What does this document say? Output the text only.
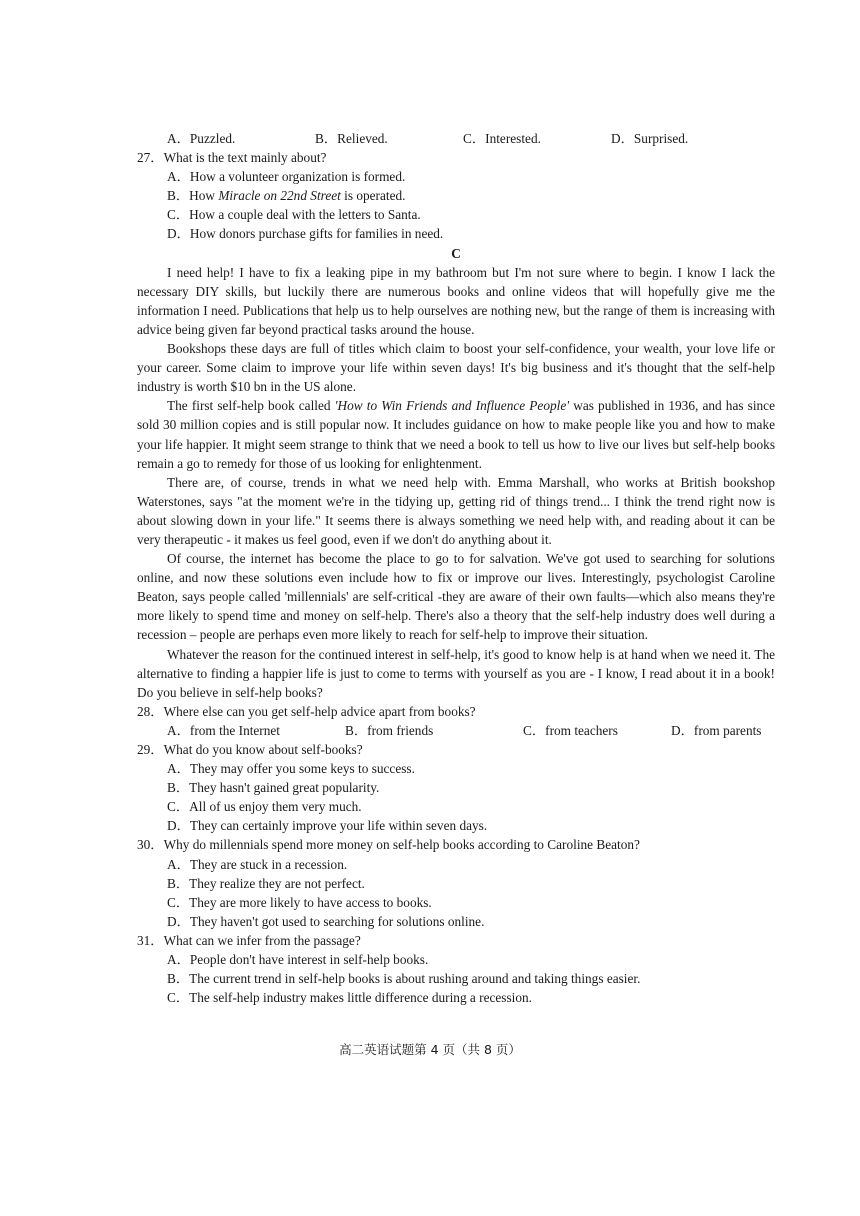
A．Puzzled.	B．Relieved.	C．Interested.	D．Surprised.
27．What is the text mainly about?
A．How a volunteer organization is formed.
B．How Miracle on 22nd Street is operated.
C．How a couple deal with the letters to Santa.
D．How donors purchase gifts for families in need.
C

I need help! I have to fix a leaking pipe in my bathroom but I'm not sure where to begin. I know I lack the necessary DIY skills, but luckily there are numerous books and online videos that will hopefully give me the information I need. Publications that help us to help ourselves are nothing new, but the range of them is increasing with advice being given far beyond practical tasks around the house.

Bookshops these days are full of titles which claim to boost your self-confidence, your wealth, your love life or your career. Some claim to improve your life within seven days! It's big business and it's thought that the self-help industry is worth $10 bn in the US alone.

The first self-help book called 'How to Win Friends and Influence People' was published in 1936, and has since sold 30 million copies and is still popular now. It includes guidance on how to make people like you and how to make your life happier. It might seem strange to think that we need a book to tell us how to live our lives but self-help books remain a go to remedy for those of us looking for enlightenment.

There are, of course, trends in what we need help with. Emma Marshall, who works at British bookshop Waterstones, says "at the moment we're in the tidying up, getting rid of things trend... I think the trend right now is about slowing down in your life." It seems there is always something we need help with, and reading about it can be very therapeutic - it makes us feel good, even if we don't do anything about it.

Of course, the internet has become the place to go to for salvation. We've got used to searching for solutions online, and now these solutions even include how to fix or improve our lives. Interestingly, psychologist Caroline Beaton, says people called 'millennials' are self-critical -they are aware of their own faults—which also means they're more likely to spend time and money on self-help. There's also a theory that the self-help industry does well during a recession – people are perhaps even more likely to reach for self-help to improve their situation.

Whatever the reason for the continued interest in self-help, it's good to know help is at hand when we need it. The alternative to finding a happier life is just to come to terms with yourself as you are - I know, I read about it in a book! Do you believe in self-help books?

28．Where else can you get self-help advice apart from books?
A．from the Internet	B．from friends	C．from teachers	D．from parents
29．What do you know about self-books?
A．They may offer you some keys to success.
B．They hasn't gained great popularity.
C．All of us enjoy them very much.
D．They can certainly improve your life within seven days.
30．Why do millennials spend more money on self-help books according to Caroline Beaton?
A．They are stuck in a recession.
B．They realize they are not perfect.
C．They are more likely to have access to books.
D．They haven't got used to searching for solutions online.
31．What can we infer from the passage?
A．People don't have interest in self-help books.
B．The current trend in self-help books is about rushing around and taking things easier.
C．The self-help industry makes little difference during a recession.
高二英语试题第 4 页（共 8 页）
